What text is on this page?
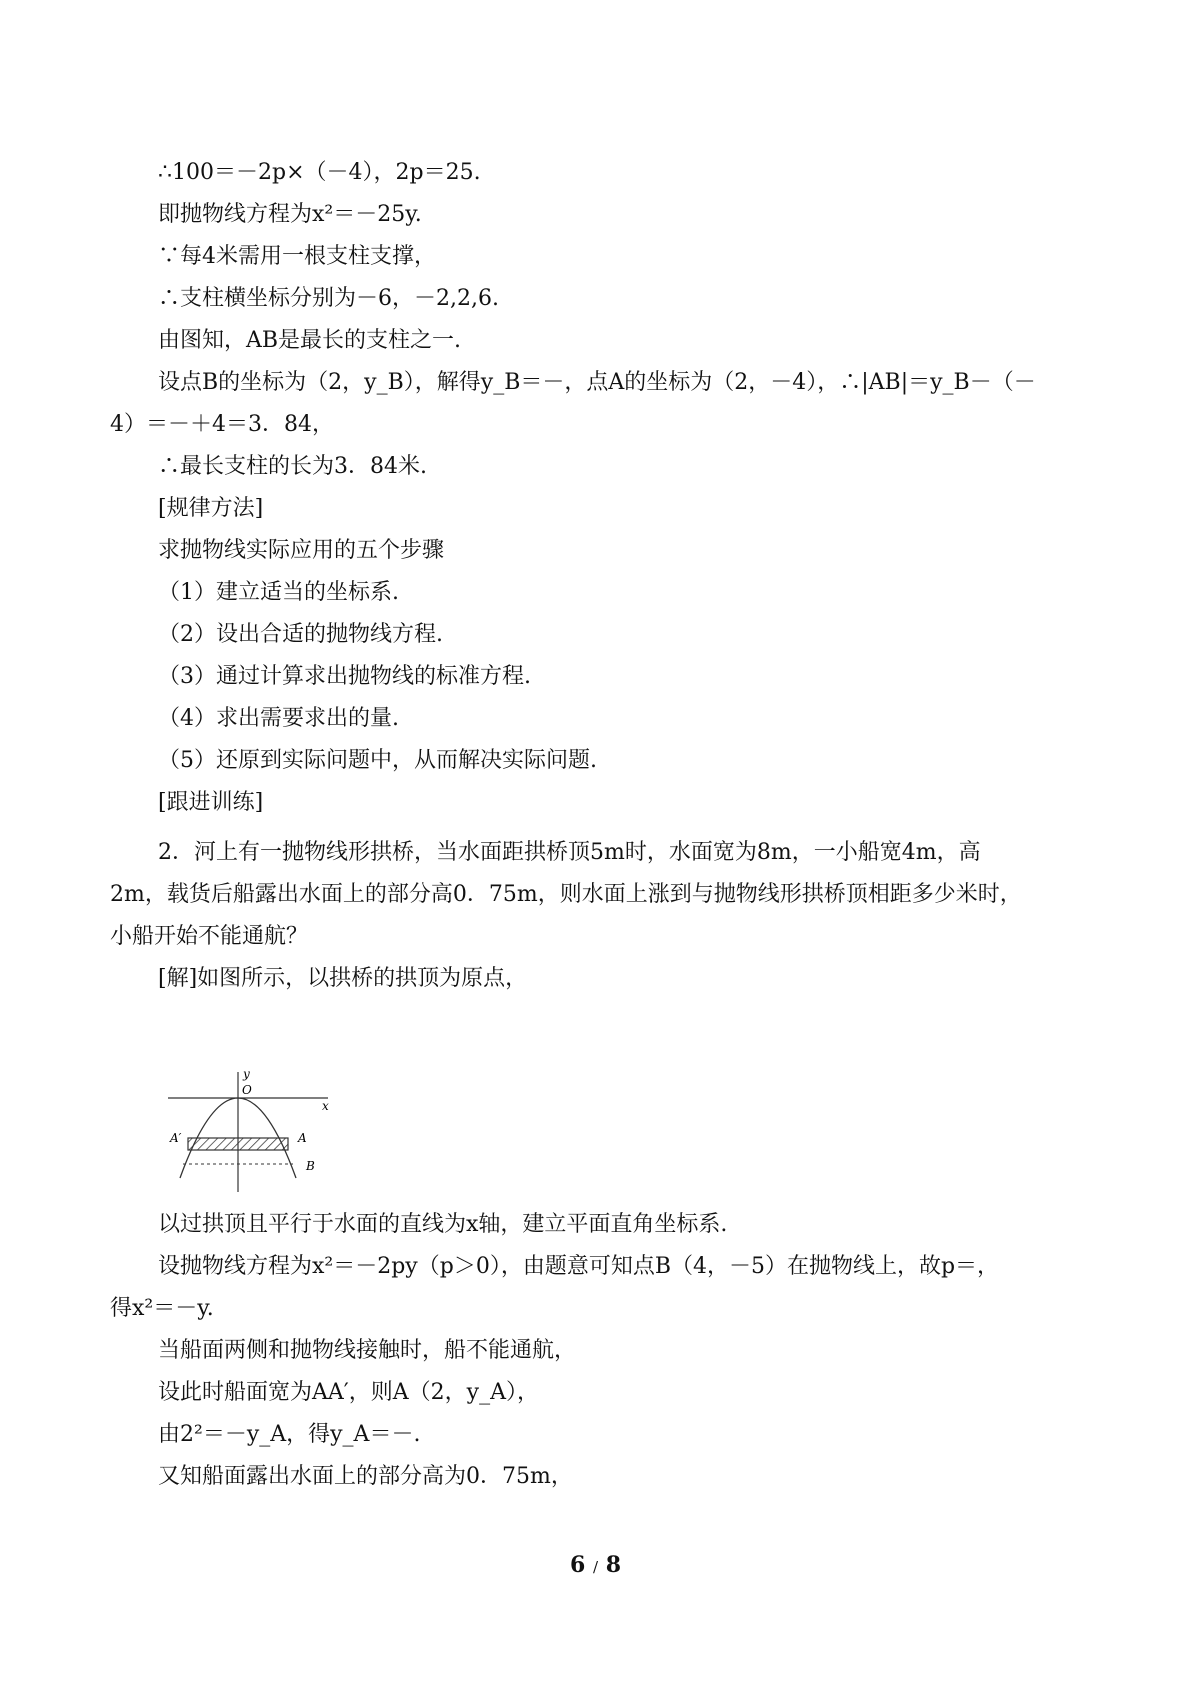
∴100＝－2p×（－4），2p＝25.
即抛物线方程为x²＝－25y.
∵每4米需用一根支柱支撑，
∴支柱横坐标分别为－6，－2,2,6.
由图知，AB是最长的支柱之一.
设点B的坐标为（2，y_B），解得y_B＝－，点A的坐标为（2，－4），∴|AB|＝y_B－（－
4）＝－＋4＝3．84，
∴最长支柱的长为3．84米.
[规律方法]
求抛物线实际应用的五个步骤
（1）建立适当的坐标系.
（2）设出合适的抛物线方程.
（3）通过计算求出抛物线的标准方程.
（4）求出需要求出的量.
（5）还原到实际问题中，从而解决实际问题.
[跟进训练]
2．河上有一抛物线形拱桥，当水面距拱桥顶5m时，水面宽为8m，一小船宽4m，高
2m，载货后船露出水面上的部分高0．75m，则水面上涨到与抛物线形拱桥顶相距多少米时，
小船开始不能通航？
[解]如图所示，以拱桥的拱顶为原点，
y
O
x
A′	A
B
以过拱顶且平行于水面的直线为x轴，建立平面直角坐标系.
设抛物线方程为x²＝－2py（p＞0），由题意可知点B（4，－5）在抛物线上，故p＝，
得x²＝－y.
当船面两侧和抛物线接触时，船不能通航，
设此时船面宽为AA′，则A（2，y_A），
由2²＝－y_A，得y_A＝－.
又知船面露出水面上的部分高为0．75m，
6 / 8
